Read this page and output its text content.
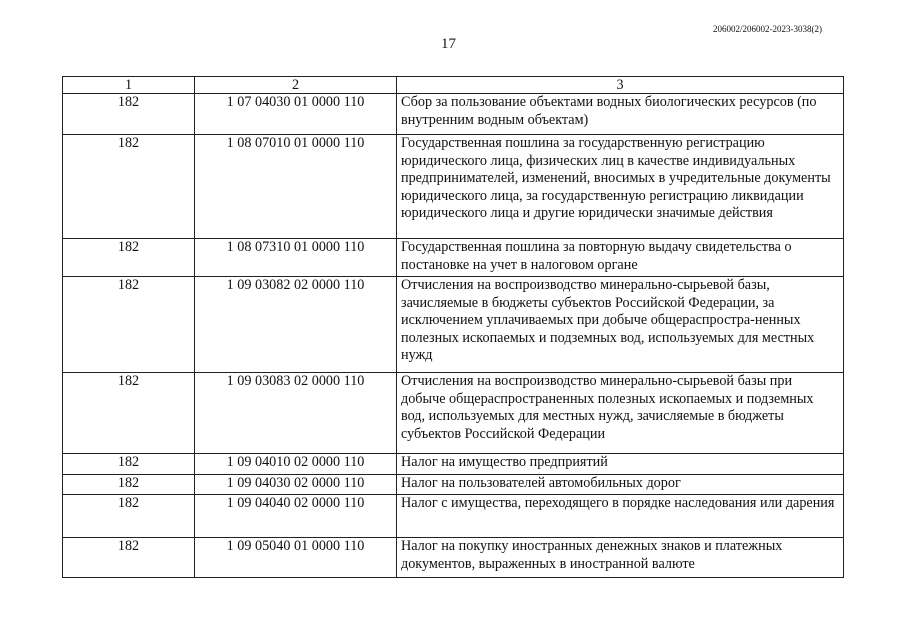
206002/206002-2023-3038(2)
17
1	2	3
182	1 07 04030 01 0000 110	Сбор за пользование объектами водных биологических ресурсов (по внутренним водным объектам)
182	1 08 07010 01 0000 110	Государственная пошлина за государственную регистрацию юридического лица, физических лиц в качестве индивидуальных предпринимателей, изменений, вносимых в учредительные документы юридического лица, за государственную регистрацию ликвидации юридического лица и другие юридически значимые действия
182	1 08 07310 01 0000 110	Государственная пошлина за повторную выдачу свидетельства о постановке на учет в налоговом органе
182	1 09 03082 02 0000 110	Отчисления на воспроизводство минерально-сырьевой базы, зачисляемые в бюджеты субъектов Российской Федерации, за исключением уплачиваемых при добыче общераспростра-ненных полезных ископаемых и подземных вод, используемых для местных нужд
182	1 09 03083 02 0000 110	Отчисления на воспроизводство минерально-сырьевой базы при добыче общераспространенных полезных ископаемых и подземных вод, используемых для местных нужд, зачисляемые в бюджеты субъектов Российской Федерации
182	1 09 04010 02 0000 110	Налог на имущество предприятий
182	1 09 04030 02 0000 110	Налог на пользователей автомобильных дорог
182	1 09 04040 02 0000 110	Налог с имущества, переходящего в порядке наследования или дарения
182	1 09 05040 01 0000 110	Налог на покупку иностранных денежных знаков и платежных документов, выраженных в иностранной валюте
